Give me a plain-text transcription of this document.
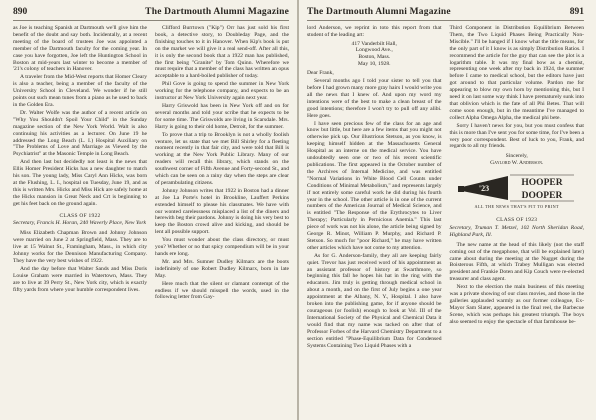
890	The Dartmouth Alumni Magazine

as Joe is teaching Spanish at Dartmouth we'll give him the benefit of the doubt and say both. Incidentally, at a recent meeting of the board of trustees Joe was appointed a member of the Dartmouth faculty for the coming year. In case you have forgotten, Joe left the Huntington School in Boston at mid-years last winter to become a member of '21's colony of teachers in Hanover.

A traveler from the Mid-West reports that Homer Cleary is also a teacher, being a member of the faculty of the University School in Cleveland. We wonder if he still points out such mean tunes from a piano as he used to back in the Golden Era.

Dr. Walter Wolfe was the author of a recent article on "Why You Shouldn't Spoil Your Child" in the Sunday magazine section of the New York World. Walt is also continuing his activities as a lecturer. On June 19 he addressed the Long Beach (L. I.) Hospital Auxiliary on "The Problems of Love and Marriage as Viewed by the Psychiatrist" at the Masonic Temple in Long Beach.

And then last but decidedly not least is the news that Ellis Homer President Hicks has a new daughter to match his son. The young lady, Miss Caryl Ann Hicks, was born at the Flushing, L. I., hospital on Tuesday, June 19, and as this is written Mrs. Hicks and Miss Hick are safely home at the Hicks mansion in Great Neck and Crt is beginning to get his feet back on the ground again.

CLASS OF 1922

Secretary, Francis H. Horan, 240 Waverly Place, New York

Miss Elizabeth Chapman Brown and Johnny Johnson were married on June 2 at Springfield, Mass. They are to live at 15 Walnut St., Framingham, Mass., in which city Johnny works for the Dennison Manufacturing Company. They have the very best wishes of 1922.

And the day before that Walter Sands and Miss Doris Louise Graham were married in Watertown, Mass. They are to live at 39 Perry St., New York city, which is exactly fifty yards from where your humble correspondent lives.

Clifford Burrtown ("Kip") Orr has just sold his first book, a detective story, to Doubleday Page, and the finishing touches to it in Hanover. When Kip's book is put on the market we will give it a real send-off. After all this, it is only the second book that a 1922 man has published, the first being "Granite" by Tom Quinn. Wherefore we must require that a member of the class has written an opus acceptable to a hard-boiled publisher of today.

Phil Gove is going to spend the summer in New York working for the telephone company, and expects to be an instructor at New York University again next year.

Harry Griswold has been in New York off and on for several months and told your scribe that he expects to be for some time. The Griswolds are living in Scarsdale. Mrs. Harry is going to their old home, Detroit, for the summer.

To prove that a trip to Brooklyn is not a wholly foolish venture, let us state that we met Bill Shirley for a fleeting moment recently in that fair city, and were told that Bill is working at the New York Public Library. Many of our readers will recall this library, which stands on the southwest corner of Fifth Avenue and Forty-second St., and which can be seen on a rainy day when the steps are clear of perambulating citizens.

Johnny Johnson writes that 1922 in Boston had a dinner at Joe La Porte's hotel in Brookline, Lauffert Perkins extended himself to please his classmates. We have with our wonted carelessness misplaced a list of the diners and herewith beg their pardons. Johnny is doing his very best to keep the Boston crowd alive and kicking, and should be lent all possible support.

You must wonder about the class directory, or must you? Whether or no that spicy compendium will be in your hands ere long.

Mr. and Mrs. Sumner Dudley Kilmarx are the boots indefinitely of one Robert Dudley Kilmarx, born in late May.

Here much that the silent or clamant contempt of the endless if we should misspell the words, used in the following letter from Gay-

The Dartmouth Alumni Magazine	891

lord Anderson, we reprint in toto this report from that student of the leading art:

417 Vanderbilt Hall,
Longwood Ave.,
Boston, Mass.
May 10, 1928.

Dear Frank,

Several months ago I told your sister to tell you that before I had grown many more gray hairs I would write you all the news that I knew of. And upon my word my intentions were of the best to make a clean breast of the good intentions; therefore I won't try to pull off any alibi. Here goes.

I have seen precious few of the class for an age and know but little, but here are a few items that you might not otherwise pick up. Our illustrious Stetson, as you know, is keeping himself hidden at the Massachusetts General Hospital as an interne on the medical service. You have undoubtedly seen one or two of his recent scientific publications. The first appeared in the October number of the Archives of Internal Medicine, and was entitled "Normal Variations in White Blood Cell Counts under Conditions of Minimal Metabolism," and represents largely if not entirely some careful work he did during his fourth year in the school. The other article is in one of the current numbers of the American Journal of Medical Science, and is entitled "The Response of the Erythrocytes to Liver Therapy; Particularly in Pernicious Anemia." This last piece of work was not his alone, the article being signed by George R. Minot, William P. Murphy, and Richard P. Stetson. So much for "poor Richard," he may have written other articles which have not come to my attention.

As for G. Anderson-family, they all are keeping fairly quiet. Trevor has just received word of his appointment as an assistant professor of history at Swarthmore, so beginning this fall he hopes his hat in the ring with the educators. Jim truly is getting through medical school in about a month, and on the first of July begins a one year appointment at the Albany, N. Y., Hospital. I also have broken into the publishing game, for if anyone should be courageous (or foolish) enough to look at Vol. III of the International Society of the Physical and Chemical Data it would find that my name was tacked on after that of Professor Forbes of the Harvard Chemistry Department to a section entitled "Phase-Equilibrium Data for Condensed Systems Containing Two Liquid Phases with a

Third Component in Distribution Equilibrium Between Them, the Two Liquid Phases Being Practically Non-Miscible." I'll be hanged if I know what the title means, for the only part of it I know is as simply Distribution Ratios. I recommend the article for the guy that can see the plot is a logarithm table. It was my final bow as a chemist, representing one week after my back in 1924, the summer before I came to medical school, but the editors have just got around to that particular volume. Pardon me for appearing to blow my own horn by mentioning this, but I need it on last some way think I have prematurely sunk into that oblivion which is the fate of all Phi Betes. That will come soon enough, but in the meantime I've managed to collect Alpha Omega Alpha, the medical phi bete.

Sorry I haven't news for you, but you must confess that this is more than I've sent you for some time, for I've been a very poor correspondent. Best of luck to you, Frank, and regards to all my friends.

Sincerely,
Gaylord W. Anderson.
'23
HOOPER
DOOPER
ALL THE NEWS THAT'S FIT TO PRINT
CLASS OF 1923

Secretary, Truman T. Metzel, 102 North Sheridan Road, Highland Park, Ill.

The new name at the head of this likely (not the staff coming out of the megaphone, that will be explained later) came about during the meeting at the Nugget during the Boisterous Fifth, at which Trabey Mulligan was elected president and Frankie Doten and Kip Couch were re-elected treasurer and class agent.

Next to the election the main business of this meeting was a private showing of our class movies, and those in the galleries applauded warmly as our former colleague, Ex-Mayor Sam Slater, appeared in the final reel, the Barbecue Scene, which was perhaps his greatest triumph. The boys also seemed to enjoy the spectacle of that farmhouse be-
